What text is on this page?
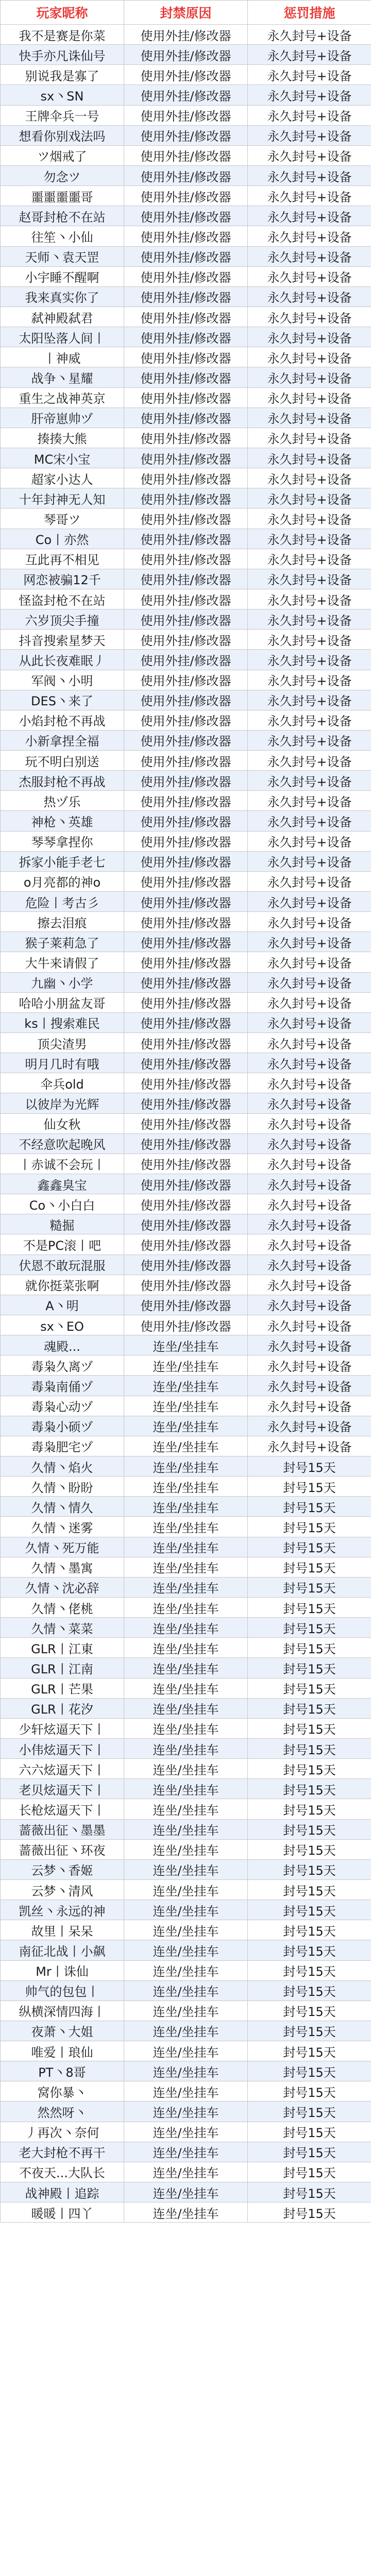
玩家昵称	封禁原因	惩罚措施
我不是赛是你菜	使用外挂/修改器	永久封号+设备
快手亦凡诛仙号	使用外挂/修改器	永久封号+设备
别说我是寡了	使用外挂/修改器	永久封号+设备
sx丶SN	使用外挂/修改器	永久封号+设备
王牌伞兵一号	使用外挂/修改器	永久封号+设备
想看你别戏法吗	使用外挂/修改器	永久封号+设备
ツ烟戒了	使用外挂/修改器	永久封号+设备
勿念ツ	使用外挂/修改器	永久封号+设备
噩噩噩噩哥	使用外挂/修改器	永久封号+设备
赵哥封枪不在站	使用外挂/修改器	永久封号+设备
往笙丶小仙	使用外挂/修改器	永久封号+设备
天师丶袁天罡	使用外挂/修改器	永久封号+设备
小宇睡不醒啊	使用外挂/修改器	永久封号+设备
我来真实你了	使用外挂/修改器	永久封号+设备
弑神殿弑君	使用外挂/修改器	永久封号+设备
太阳坠落人间丨	使用外挂/修改器	永久封号+设备
丨神威	使用外挂/修改器	永久封号+设备
战争丶星耀	使用外挂/修改器	永久封号+设备
重生之战神英京	使用外挂/修改器	永久封号+设备
肝帝崽帅ヅ	使用外挂/修改器	永久封号+设备
揍揍大熊	使用外挂/修改器	永久封号+设备
MC宋小宝	使用外挂/修改器	永久封号+设备
超家小达人	使用外挂/修改器	永久封号+设备
十年封神无人知	使用外挂/修改器	永久封号+设备
琴哥ツ	使用外挂/修改器	永久封号+设备
Co丨亦然	使用外挂/修改器	永久封号+设备
互此再不相见	使用外挂/修改器	永久封号+设备
网恋被骗12千	使用外挂/修改器	永久封号+设备
怪盗封枪不在站	使用外挂/修改器	永久封号+设备
六岁顶尖手撞	使用外挂/修改器	永久封号+设备
抖音搜索星梦天	使用外挂/修改器	永久封号+设备
从此长夜难眠丿	使用外挂/修改器	永久封号+设备
军阀丶小明	使用外挂/修改器	永久封号+设备
DES丶来了	使用外挂/修改器	永久封号+设备
小焰封枪不再战	使用外挂/修改器	永久封号+设备
小新拿捏全福	使用外挂/修改器	永久封号+设备
玩不明白别送	使用外挂/修改器	永久封号+设备
杰服封枪不再战	使用外挂/修改器	永久封号+设备
热ヅ乐	使用外挂/修改器	永久封号+设备
神枪丶英雄	使用外挂/修改器	永久封号+设备
琴琴拿捏你	使用外挂/修改器	永久封号+设备
拆家小能手老七	使用外挂/修改器	永久封号+设备
o月亮都的神o	使用外挂/修改器	永久封号+设备
危险丨考古彡	使用外挂/修改器	永久封号+设备
擦去泪痕	使用外挂/修改器	永久封号+设备
猴子莱莉急了	使用外挂/修改器	永久封号+设备
大牛来请假了	使用外挂/修改器	永久封号+设备
九幽丶小学	使用外挂/修改器	永久封号+设备
哈哈小朋盆友哥	使用外挂/修改器	永久封号+设备
ks丨搜索难民	使用外挂/修改器	永久封号+设备
顶尖渣男	使用外挂/修改器	永久封号+设备
明月几时有哦	使用外挂/修改器	永久封号+设备
伞兵old	使用外挂/修改器	永久封号+设备
以彼岸为光辉	使用外挂/修改器	永久封号+设备
仙女秋	使用外挂/修改器	永久封号+设备
不经意吹起晚风	使用外挂/修改器	永久封号+设备
丨赤诚不会玩丨	使用外挂/修改器	永久封号+设备
鑫鑫臭宝	使用外挂/修改器	永久封号+设备
Co丶小白白	使用外挂/修改器	永久封号+设备
糙掘	使用外挂/修改器	永久封号+设备
不是PC滚丨吧	使用外挂/修改器	永久封号+设备
伏恩不敢玩混服	使用外挂/修改器	永久封号+设备
就你挺菜张啊	使用外挂/修改器	永久封号+设备
A丶明	使用外挂/修改器	永久封号+设备
sx丶EO	使用外挂/修改器	永久封号+设备
魂殿...	连坐/坐挂车	永久封号+设备
毒枭久离ヅ	连坐/坐挂车	永久封号+设备
毒枭南俑ヅ	连坐/坐挂车	永久封号+设备
毒枭心动ヅ	连坐/坐挂车	永久封号+设备
毒枭小硕ヅ	连坐/坐挂车	永久封号+设备
毒枭肥宅ヅ	连坐/坐挂车	永久封号+设备
久情丶焰火	连坐/坐挂车	封号15天
久情丶盼盼	连坐/坐挂车	封号15天
久情丶情久	连坐/坐挂车	封号15天
久情丶迷雾	连坐/坐挂车	封号15天
久情丶死万能	连坐/坐挂车	封号15天
久情丶墨寓	连坐/坐挂车	封号15天
久情丶沈必辞	连坐/坐挂车	封号15天
久情丶佬桃	连坐/坐挂车	封号15天
久情丶菜菜	连坐/坐挂车	封号15天
GLR丨江東	连坐/坐挂车	封号15天
GLR丨江南	连坐/坐挂车	封号15天
GLR丨芒果	连坐/坐挂车	封号15天
GLR丨花汐	连坐/坐挂车	封号15天
少轩炫逼天下丨	连坐/坐挂车	封号15天
小伟炫逼天下丨	连坐/坐挂车	封号15天
六六炫逼天下丨	连坐/坐挂车	封号15天
老贝炫逼天下丨	连坐/坐挂车	封号15天
长枪炫逼天下丨	连坐/坐挂车	封号15天
蔷薇出征丶墨墨	连坐/坐挂车	封号15天
蔷薇出征丶环夜	连坐/坐挂车	封号15天
云梦丶香姬	连坐/坐挂车	封号15天
云梦丶清风	连坐/坐挂车	封号15天
凯丝丶永远的神	连坐/坐挂车	封号15天
故里丨呆呆	连坐/坐挂车	封号15天
南征北战丨小飙	连坐/坐挂车	封号15天
Mr丨诛仙	连坐/坐挂车	封号15天
帅气的包包丨	连坐/坐挂车	封号15天
纵横深情四海丨	连坐/坐挂车	封号15天
夜萧丶大姐	连坐/坐挂车	封号15天
唯爱丨琅仙	连坐/坐挂车	封号15天
PT丶8哥	连坐/坐挂车	封号15天
窝你暴丶	连坐/坐挂车	封号15天
然然呀丶	连坐/坐挂车	封号15天
丿再次丶奈何	连坐/坐挂车	封号15天
老大封枪不再干	连坐/坐挂车	封号15天
不夜天...大队长	连坐/坐挂车	封号15天
战神殿丨追踪	连坐/坐挂车	封号15天
暖暖丨四丫	连坐/坐挂车	封号15天
